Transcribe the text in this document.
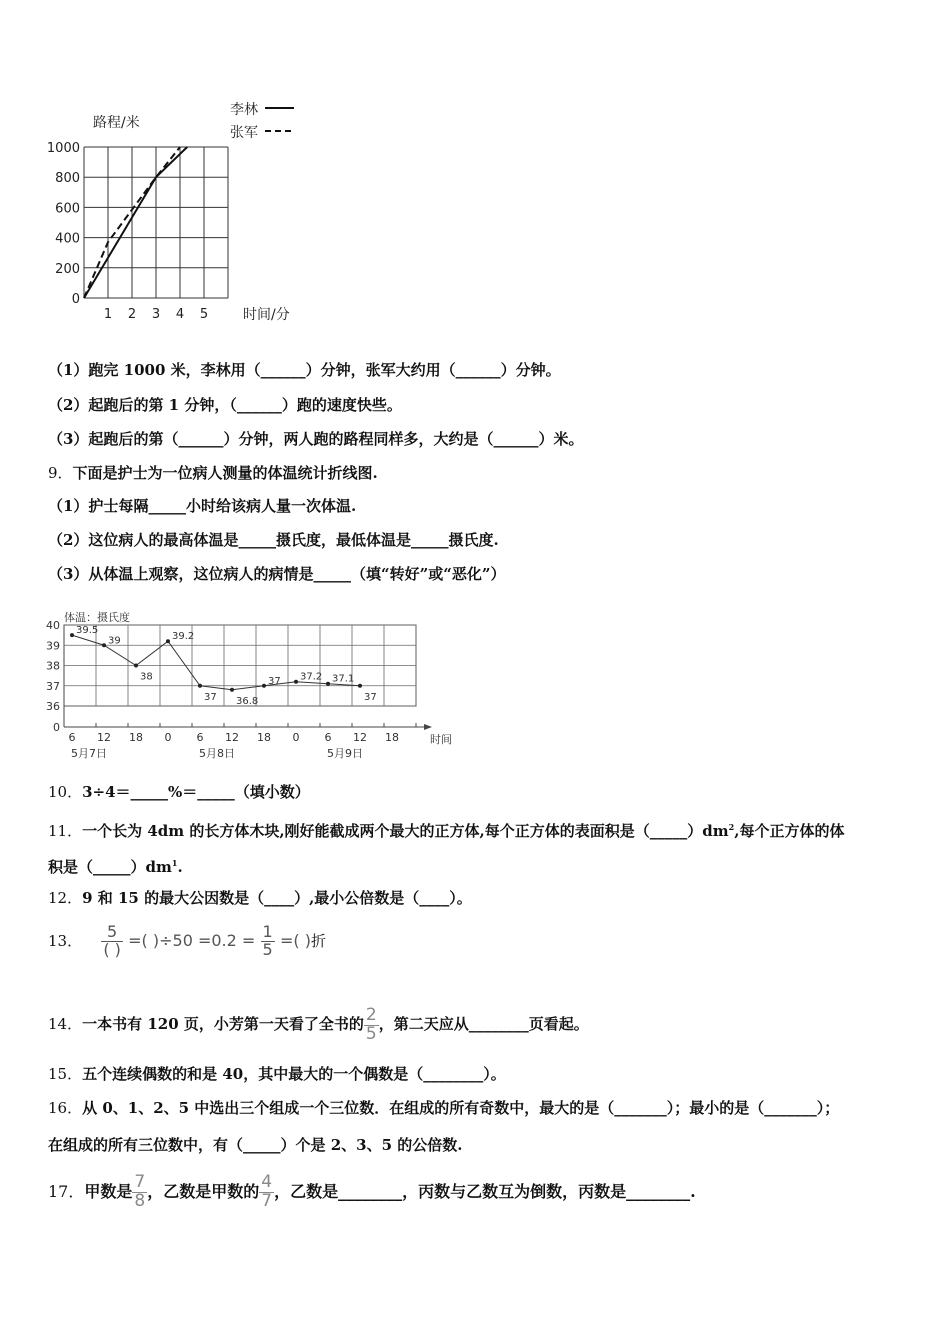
0
200
400
600
800
1000
1 2 3 4 5
路程/米
时间/分
李林
张军
（1）跑完 1000 米，李林用（______）分钟，张军大约用（______）分钟。
（2）起跑后的第 1 分钟，（______）跑的速度快些。
（3）起跑后的第（______）分钟，两人跑的路程同样多，大约是（______）米。
9．下面是护士为一位病人测量的体温统计折线图.
（1）护士每隔_____小时给该病人量一次体温.
（2）这位病人的最高体温是_____摄氏度，最低体温是_____摄氏度.
（3）从体温上观察，这位病人的病情是_____（填“转好”或“恶化”）
0
36
37
38
39
40
6 12 18 0 6 12 18 0 6 12 18
5月7日	5月8日	5月9日
39.5
39
38
39.2
37 36.8
37 37.2 37.1
37
体温：摄氏度
时间
10．3÷4＝_____%＝_____（填小数）
11．一个长为 4dm 的长方体木块,刚好能截成两个最大的正方体,每个正方体的表面积是$(\_\_\_\_\_)dm^2$,每个正方体的体
积是$(\_\_\_\_\_)dm^1$.
12．9 和 15 的最大公因数是（____）,最小公倍数是（____）。
13． $\frac{5}{( )}$ =( )$\div 50 =0.2 = \frac{1}{5}$ =( )折
14．一本书有 120 页，小芳第一天看了全书的 $\frac{2}{5}$ ，第二天应从________页看起。
15．五个连续偶数的和是 40，其中最大的一个偶数是（________）。
16．从 0、1、2、5 中选出三个组成一个三位数．在组成的所有奇数中，最大的是（_______）；最小的是（_______）；
在组成的所有三位数中，有（_____）个是 2、3、5 的公倍数.
17．甲数是 $\frac{7}{8}$ ，乙数是甲数的 $\frac{4}{7}$ ，乙数是________，丙数与乙数互为倒数，丙数是________.
